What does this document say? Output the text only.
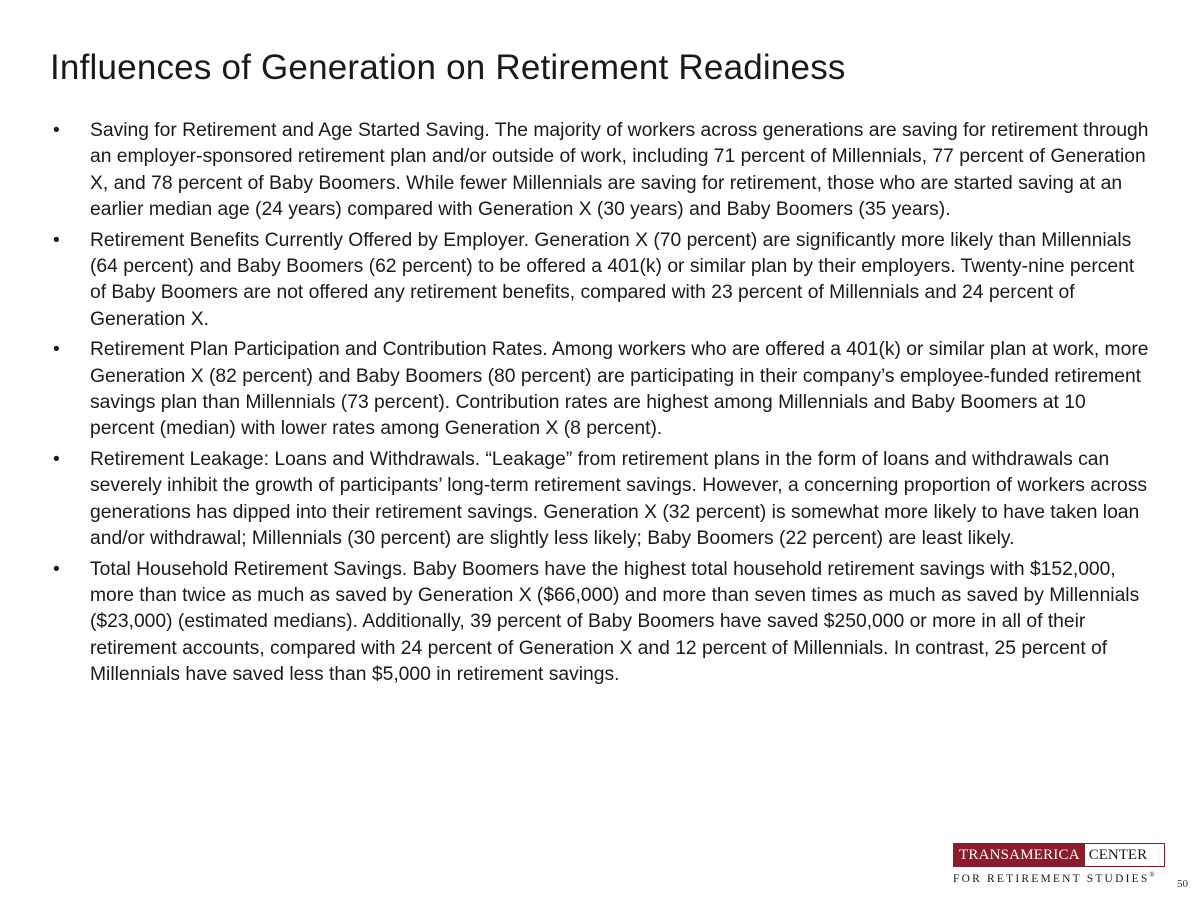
Influences of Generation on Retirement Readiness
• Saving for Retirement and Age Started Saving. The majority of workers across generations are saving for retirement through an employer-sponsored retirement plan and/or outside of work, including 71 percent of Millennials, 77 percent of Generation X, and 78 percent of Baby Boomers. While fewer Millennials are saving for retirement, those who are started saving at an earlier median age (24 years) compared with Generation X (30 years) and Baby Boomers (35 years).
• Retirement Benefits Currently Offered by Employer. Generation X (70 percent) are significantly more likely than Millennials (64 percent) and Baby Boomers (62 percent) to be offered a 401(k) or similar plan by their employers. Twenty-nine percent of Baby Boomers are not offered any retirement benefits, compared with 23 percent of Millennials and 24 percent of Generation X.
• Retirement Plan Participation and Contribution Rates. Among workers who are offered a 401(k) or similar plan at work, more Generation X (82 percent) and Baby Boomers (80 percent) are participating in their company’s employee-funded retirement savings plan than Millennials (73 percent). Contribution rates are highest among Millennials and Baby Boomers at 10 percent (median) with lower rates among Generation X (8 percent).
• Retirement Leakage: Loans and Withdrawals. “Leakage” from retirement plans in the form of loans and withdrawals can severely inhibit the growth of participants’ long-term retirement savings. However, a concerning proportion of workers across generations has dipped into their retirement savings. Generation X (32 percent) is somewhat more likely to have taken loan and/or withdrawal; Millennials (30 percent) are slightly less likely; Baby Boomers (22 percent) are least likely.
• Total Household Retirement Savings. Baby Boomers have the highest total household retirement savings with $152,000, more than twice as much as saved by Generation X ($66,000) and more than seven times as much as saved by Millennials ($23,000) (estimated medians). Additionally, 39 percent of Baby Boomers have saved $250,000 or more in all of their retirement accounts, compared with 24 percent of Generation X and 12 percent of Millennials. In contrast, 25 percent of Millennials have saved less than $5,000 in retirement savings.
TRANSAMERICA CENTER
FOR RETIREMENT STUDIES®
50
